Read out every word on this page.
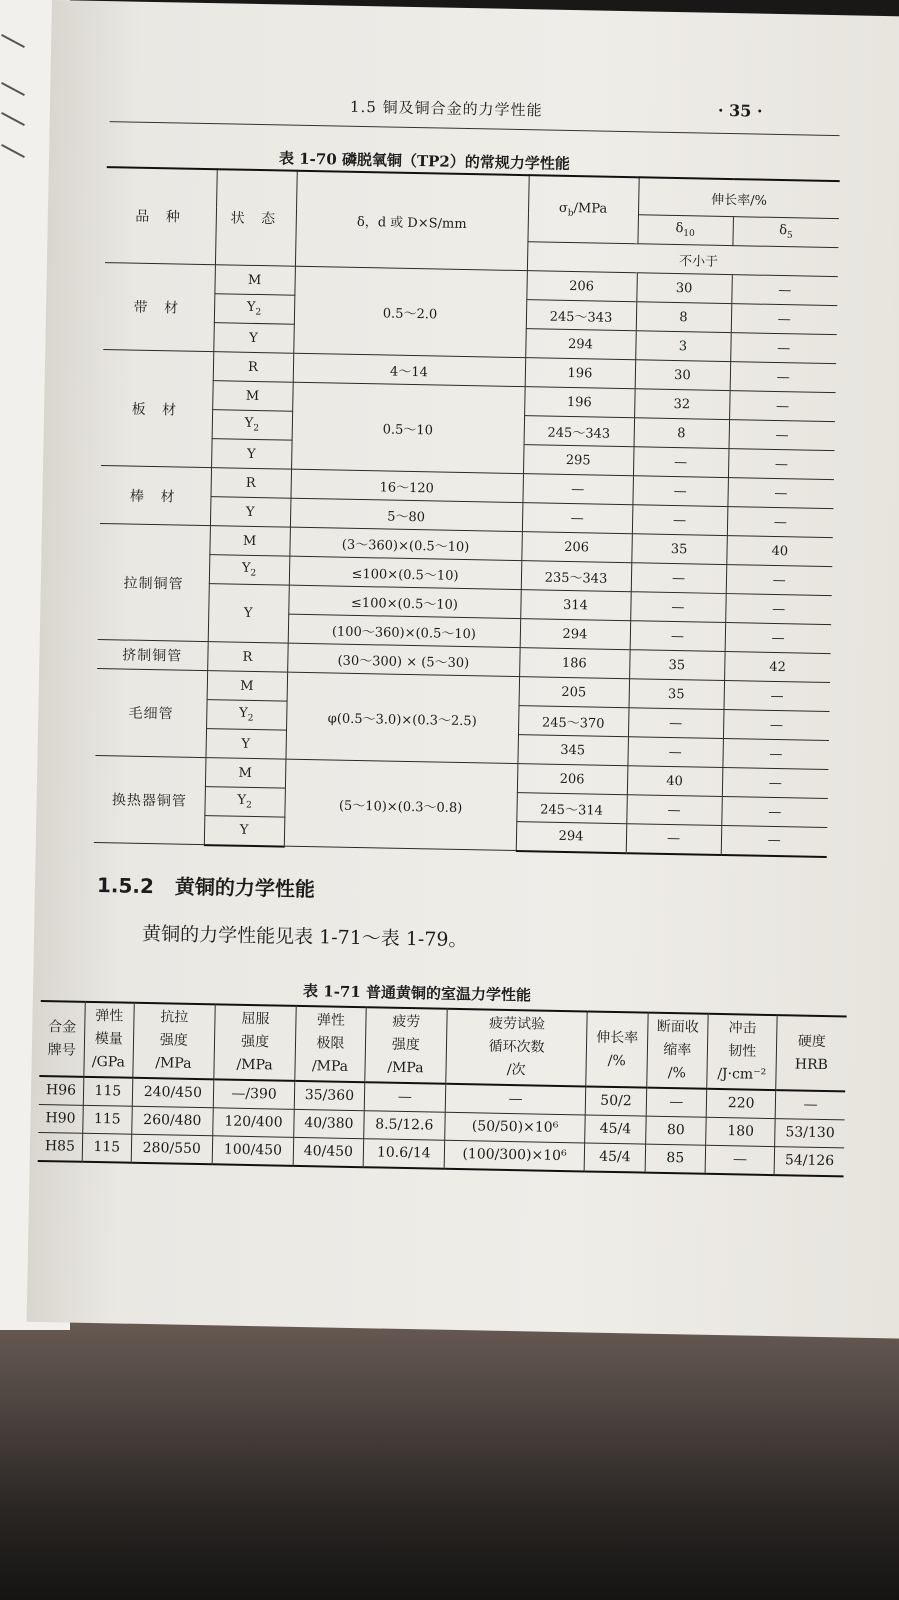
1.5 铜及铜合金的力学性能	· 35 ·
表 1-70 磷脱氧铜（TP2）的常规力学性能
品 种	状 态	δ，d 或 D×S/mm	$\sigma_b$/MPa	伸长率/%	
				$\delta_{10}$	$\delta_5$
			不小于		
带 材	M	0.5～2.0	206	30	—
	$Y_2$		245～343	8	—
	Y		294	3	—
板 材	R	4～14	196	30	—
	M	0.5～10	196	32	—
	$Y_2$		245～343	8	—
	Y		295	—	—
棒 材	R	16～120	—	—	—
	Y	5～80	—	—	—
拉制铜管	M	(3～360)×(0.5～10)	206	35	40
	$Y_2$	≤100×(0.5～10)	235～343	—	—
	Y	≤100×(0.5～10)	314	—	—
		(100～360)×(0.5～10)	294	—	—
挤制铜管	R	(30～300) × (5～30)	186	35	42
毛细管	M	φ(0.5～3.0)×(0.3～2.5)	205	35	—
	$Y_2$		245～370	—	—
	Y		345	—	—
换热器铜管	M	(5～10)×(0.3～0.8)	206	40	—
	$Y_2$		245～314	—	—
	Y		294	—	—
1.5.2 黄铜的力学性能
黄铜的力学性能见表 1-71～表 1-79。
表 1-71 普通黄铜的室温力学性能
合金
牌号	弹性
模量
/GPa	抗拉
强度
/MPa	屈服
强度
/MPa	弹性
极限
/MPa	疲劳
强度
/MPa	疲劳试验
循环次数
/次	伸长率
/%	断面收
缩率
/%	冲击
韧性
/J·cm⁻²	硬度
HRB
H96	115	240/450	—/390	35/360	—	—	50/2	—	220	—
H90	115	260/480	120/400	40/380	8.5/12.6	(50/50)×10⁶	45/4	80	180	53/130
H85	115	280/550	100/450	40/450	10.6/14	(100/300)×10⁶	45/4	85	—	54/126
